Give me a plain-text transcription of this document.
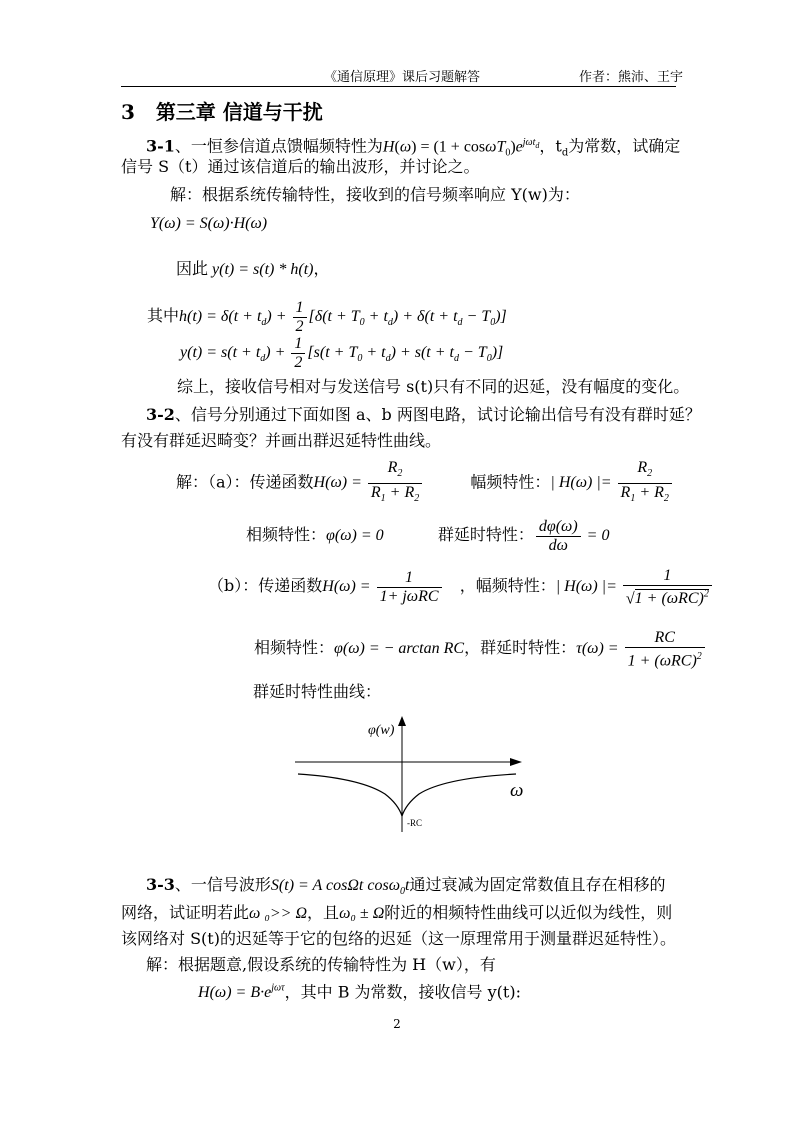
《通信原理》课后习题解答	作者：熊沛、王宇
3 第三章 信道与干扰
3-1、一恒参信道点馈幅频特性为$H(\omega) = (1 + \cos\omega T_0)e^{j\omega t_d}$，$t_d$为常数，试确定
信号 S（t）通过该信道后的输出波形，并讨论之。
解：根据系统传输特性，接收到的信号频率响应 Y(w)为：
Y(ω) = S(ω)·H(ω)
因此 y(t) = s(t) * h(t)，
其中$h(t) = \delta(t + t_d) + \frac{1}{2} [\delta(t + T_0 + t_d) + \delta(t + t_d - T_0)]$
$y(t) = s(t + t_d) + \frac{1}{2} [s(t + T_0 + t_d) + s(t + t_d - T_0)]$
综上，接收信号相对与发送信号 s(t)只有不同的迟延，没有幅度的变化。
3-2、信号分别通过下面如图 a、b 两图电路，试讨论输出信号有没有群时延？
有没有群延迟畸变？并画出群迟延特性曲线。
解：（a）：传递函数$H(\omega) = \frac{R_2}{R_1 + R_2}$	幅频特性：| H(ω) |= $\frac{R_2}{R_1 + R_2}$
相频特性：φ(ω) = 0	群延时特性： $\frac{d\varphi(\omega)}{d\omega} = 0$
（b）：传递函数$H(\omega) = \frac{1}{\text{1+ jωRC}}$ ，幅频特性：| H(ω) |= $\frac{1}{√1 + (\omega RC)^2}$
相频特性：φ(ω) = − arctan RC，群延时特性：$\tau(\omega) = \frac{RC}{1 + (\omega RC)^2}$
群延时特性曲线：
φ(w)
ω
-RC
3-3、一信号波形S(t) = A cosΩt cosω$_0$t通过衰减为固定常数值且存在相移的
网络，试证明若此ω ₀>> Ω，且ω₀ ± Ω附近的相频特性曲线可以近似为线性，则
该网络对 S(t)的迟延等于它的包络的迟延（这一原理常用于测量群迟延特性）。
解：根据题意,假设系统的传输特性为 H（w），有
$H(\omega) = B\cdot e^{j\omega\tau}$，其中 B 为常数，接收信号 y(t):
2
